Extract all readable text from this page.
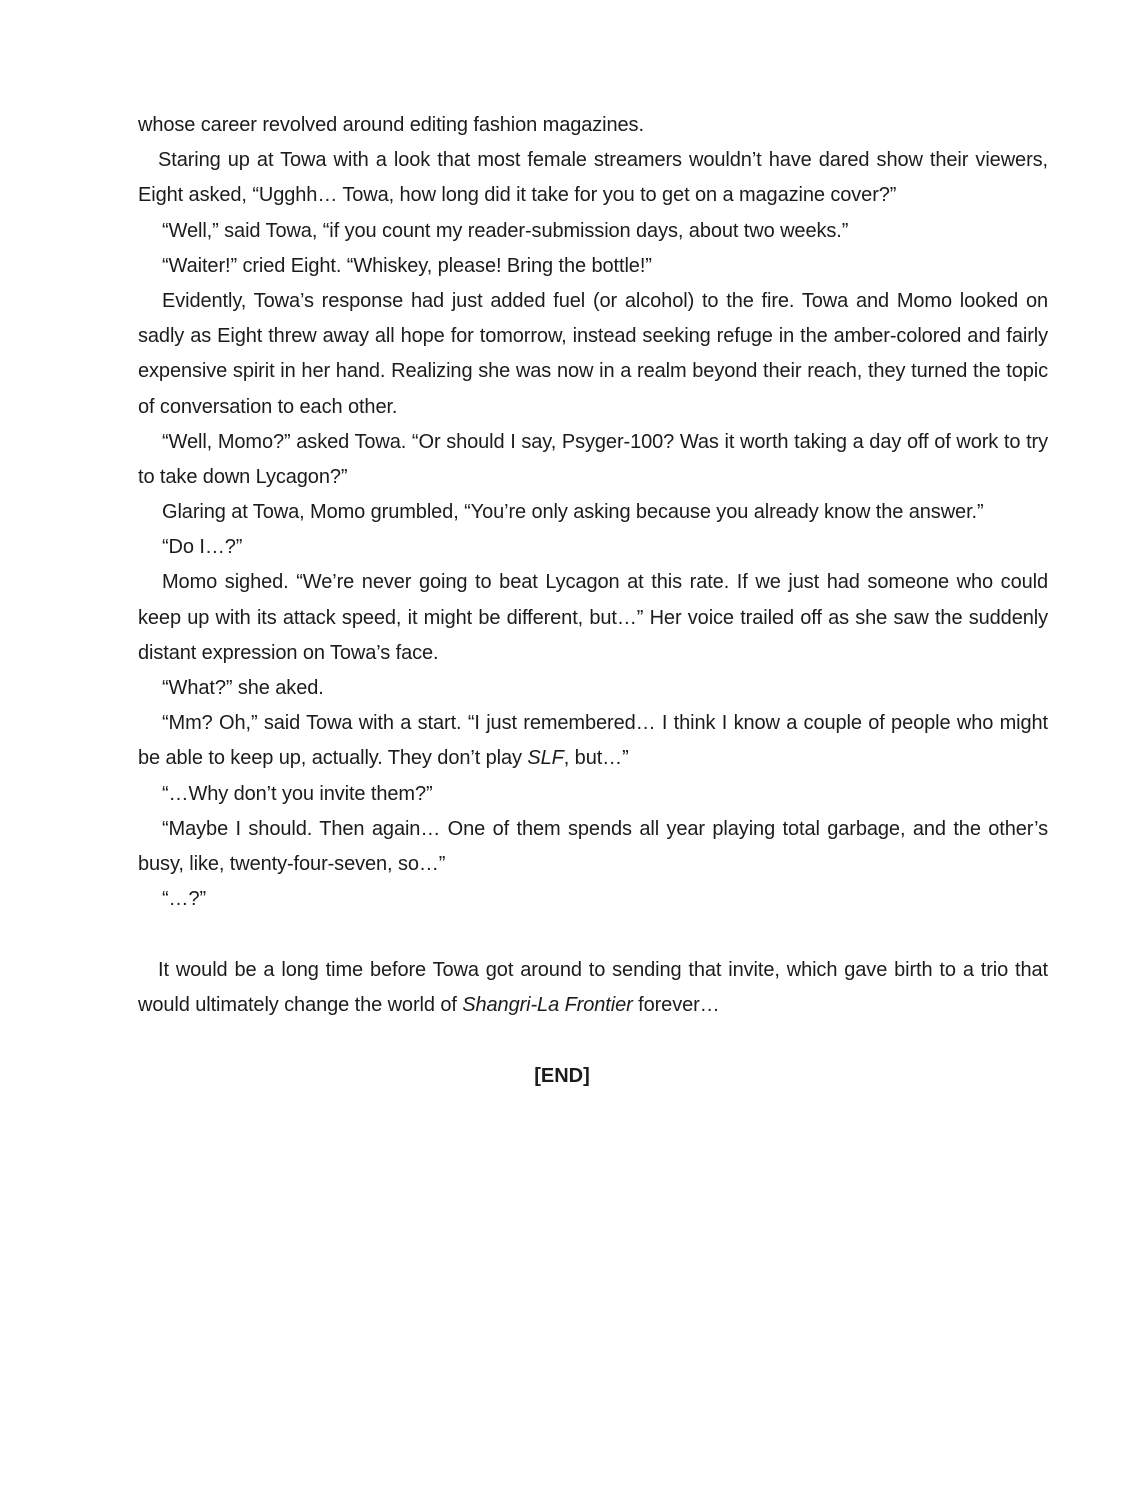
whose career revolved around editing fashion magazines.
Staring up at Towa with a look that most female streamers wouldn’t have dared show their viewers,
Eight asked, “Ugghh… Towa, how long did it take for you to get on a magazine cover?”
“Well,” said Towa, “if you count my reader-submission days, about two weeks.”
“Waiter!” cried Eight. “Whiskey, please! Bring the bottle!”
Evidently, Towa’s response had just added fuel (or alcohol) to the fire. Towa and Momo looked on
sadly as Eight threw away all hope for tomorrow, instead seeking refuge in the amber-colored and fairly
expensive spirit in her hand. Realizing she was now in a realm beyond their reach, they turned the topic
of conversation to each other.
“Well, Momo?” asked Towa. “Or should I say, Psyger-100? Was it worth taking a day off of work to try
to take down Lycagon?”
Glaring at Towa, Momo grumbled, “You’re only asking because you already know the answer.”
“Do I…?”
Momo sighed. “We’re never going to beat Lycagon at this rate. If we just had someone who could
keep up with its attack speed, it might be different, but…” Her voice trailed off as she saw the suddenly
distant expression on Towa’s face.
“What?” she aked.
“Mm? Oh,” said Towa with a start. “I just remembered… I think I know a couple of people who might
be able to keep up, actually. They don’t play SLF, but…”
“…Why don’t you invite them?”
“Maybe I should. Then again… One of them spends all year playing total garbage, and the other’s
busy, like, twenty-four-seven, so…”
“…?”
It would be a long time before Towa got around to sending that invite, which gave birth to a trio that
would ultimately change the world of Shangri-La Frontier forever…
[END]
